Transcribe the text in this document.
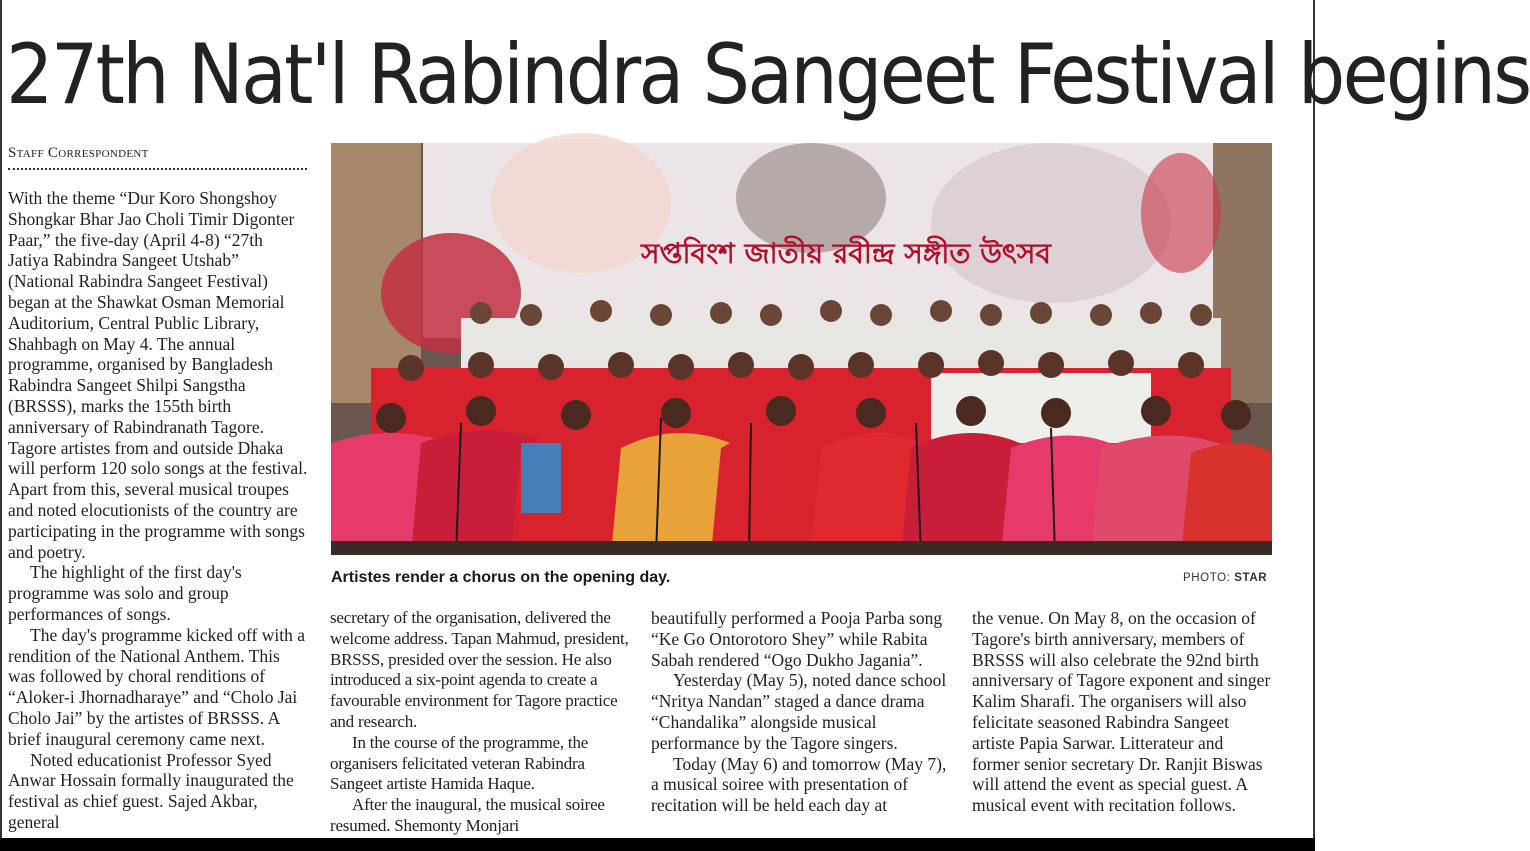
27th Nat'l Rabindra Sangeet Festival begins
Staff Correspondent

With the theme “Dur Koro Shongshoy Shongkar Bhar Jao Choli Timir Digonter Paar,” the five-day (April 4-8) “27th Jatiya Rabindra Sangeet Utshab” (National Rabindra Sangeet Festival) began at the Shawkat Osman Memorial Auditorium, Central Public Library, Shahbagh on May 4. The annual programme, organised by Bangladesh Rabindra Sangeet Shilpi Sangstha (BRSSS), marks the 155th birth anniversary of Rabindranath Tagore. Tagore artistes from and outside Dhaka will perform 120 solo songs at the festival. Apart from this, several musical troupes and noted elocutionists of the country are participating in the programme with songs and poetry.

The highlight of the first day's programme was solo and group performances of songs.

The day's programme kicked off with a rendition of the National Anthem. This was followed by choral renditions of “Aloker-i Jhornadharaye” and “Cholo Jai Cholo Jai” by the artistes of BRSSS. A brief inaugural ceremony came next.

Noted educationist Professor Syed Anwar Hossain formally inaugurated the festival as chief guest. Sajed Akbar, general

সপ্তবিংশ জাতীয় রবীন্দ্র সঙ্গীত উৎসব
Artistes render a chorus on the opening day.	PHOTO: STAR

secretary of the organisation, delivered the welcome address. Tapan Mahmud, president, BRSSS, presided over the session. He also introduced a six-point agenda to create a favourable environment for Tagore practice and research.

In the course of the programme, the organisers felicitated veteran Rabindra Sangeet artiste Hamida Haque.

After the inaugural, the musical soiree resumed. Shemonty Monjari

beautifully performed a Pooja Parba song “Ke Go Ontorotoro Shey” while Rabita Sabah rendered “Ogo Dukho Jagania”.

Yesterday (May 5), noted dance school “Nritya Nandan” staged a dance drama “Chandalika” alongside musical performance by the Tagore singers.

Today (May 6) and tomorrow (May 7), a musical soiree with presentation of recitation will be held each day at

the venue. On May 8, on the occasion of Tagore's birth anniversary, members of BRSSS will also celebrate the 92nd birth anniversary of Tagore exponent and singer Kalim Sharafi. The organisers will also felicitate seasoned Rabindra Sangeet artiste Papia Sarwar. Litterateur and former senior secretary Dr. Ranjit Biswas will attend the event as special guest. A musical event with recitation follows.
